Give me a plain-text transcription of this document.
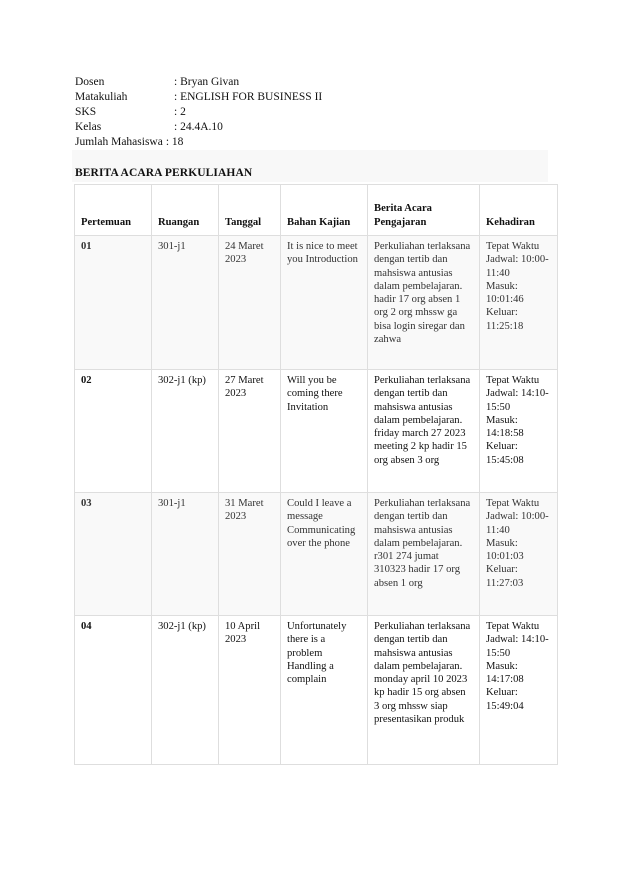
Dosen	: Bryan Givan
Matakuliah	: ENGLISH FOR BUSINESS II
SKS	: 2
Kelas	: 24.4A.10
Jumlah Mahasiswa : 18
BERITA ACARA PERKULIAHAN
Pertemuan	Ruangan	Tanggal	Bahan Kajian	Berita Acara Pengajaran	Kehadiran
01	301-j1	24 Maret 2023	It is nice to meet you Introduction	Perkuliahan terlaksana dengan tertib dan mahsiswa antusias dalam pembelajaran. hadir 17 org absen 1 org 2 org mhssw ga bisa login siregar dan zahwa	Tepat Waktu
Jadwal: 10:00-11:40
Masuk: 10:01:46
Keluar: 11:25:18

02	302-j1 (kp)	27 Maret 2023	Will you be coming there Invitation	Perkuliahan terlaksana dengan tertib dan mahsiswa antusias dalam pembelajaran. friday march 27 2023 meeting 2 kp hadir 15 org absen 3 org	Tepat Waktu
Jadwal: 14:10-15:50
Masuk: 14:18:58
Keluar: 15:45:08

03	301-j1	31 Maret 2023	Could I leave a message Communicating over the phone	Perkuliahan terlaksana dengan tertib dan mahsiswa antusias dalam pembelajaran. r301 274 jumat 310323 hadir 17 org absen 1 org	Tepat Waktu
Jadwal: 10:00-11:40
Masuk: 10:01:03
Keluar: 11:27:03

04	302-j1 (kp)	10 April 2023	Unfortunately there is a problem Handling a complain	Perkuliahan terlaksana dengan tertib dan mahsiswa antusias dalam pembelajaran. monday april 10 2023 kp hadir 15 org absen 3 org mhssw siap presentasikan produk	Tepat Waktu
Jadwal: 14:10-15:50
Masuk: 14:17:08
Keluar: 15:49:04
